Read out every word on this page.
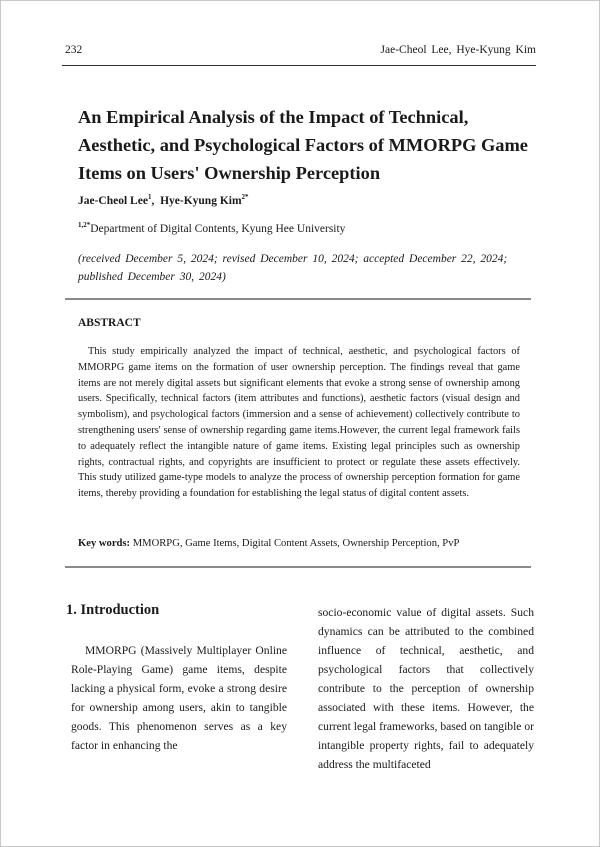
232	Jae-Cheol Lee, Hye-Kyung Kim
An Empirical Analysis of the Impact of Technical, Aesthetic, and Psychological Factors of MMORPG Game Items on Users' Ownership Perception
Jae-Cheol Lee$^1$,  Hye-Kyung Kim$^{2*}$
$^{1,2*}$Department of Digital Contents, Kyung Hee University
(received December 5, 2024; revised December 10, 2024; accepted December 22, 2024; published December 30, 2024)
ABSTRACT

This study empirically analyzed the impact of technical, aesthetic, and psychological factors of MMORPG game items on the formation of user ownership perception. The findings reveal that game items are not merely digital assets but significant elements that evoke a strong sense of ownership among users. Specifically, technical factors (item attributes and functions), aesthetic factors (visual design and symbolism), and psychological factors (immersion and a sense of achievement) collectively contribute to strengthening users' sense of ownership regarding game items.However, the current legal framework fails to adequately reflect the intangible nature of game items. Existing legal principles such as ownership rights, contractual rights, and copyrights are insufficient to protect or regulate these assets effectively. This study utilized game-type models to analyze the process of ownership perception formation for game items, thereby providing a foundation for establishing the legal status of digital content assets.

Key words: MMORPG, Game Items, Digital Content Assets, Ownership Perception, PvP
1. Introduction

MMORPG (Massively Multiplayer Online Role-Playing Game) game items, despite lacking a physical form, evoke a strong desire for ownership among users, akin to tangible goods. This phenomenon serves as a key factor in enhancing the

socio-economic value of digital assets. Such dynamics can be attributed to the combined influence of technical, aesthetic, and psychological factors that collectively contribute to the perception of ownership associated with these items. However, the current legal frameworks, based on tangible or intangible property rights, fail to adequately address the multifaceted
